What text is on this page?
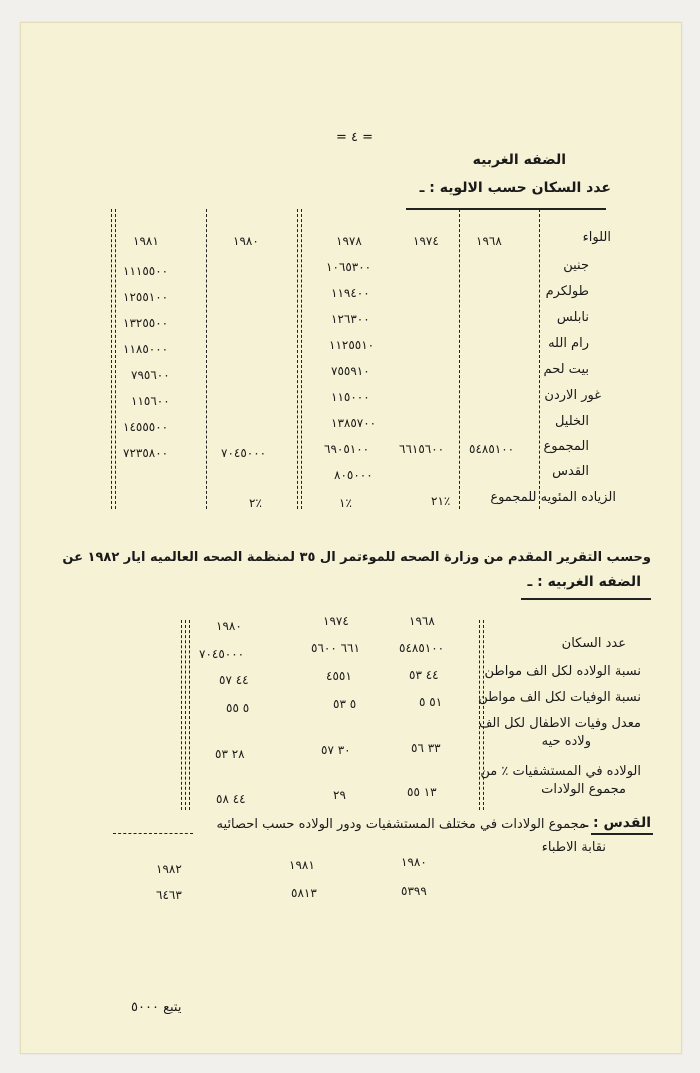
= ٤ =
الضفه الغربيه
عدد السكان حسب الالويه : ـ
اللواء
١٩٦٨
١٩٧٤
١٩٧٨
١٩٨٠
١٩٨١
جنين
١٠٦٥٣٠٠
١١١٥٥٠٠
طولكرم
١١٩٤٠٠
١٢٥٥١٠٠
نابلس
١٢٦٣٠٠
١٣٢٥٥٠٠
رام الله
١١٢٥٥١٠
١١٨٥٠٠٠
بيت لحم
٧٥٥٩١٠
٧٩٥٦٠٠
غور الاردن
١١٥٠٠٠
١١٥٦٠٠
الخليل
١٣٨٥٧٠٠
١٤٥٥٥٠٠
المجموع
٥٤٨٥١٠٠
٦٦١٥٦٠٠
٦٩٠٥١٠٠
٧٠٤٥٠٠٠
٧٢٣٥٨٠٠
القدس
٨٠٥٠٠٠
الزياده المئويه للمجموع
٢١٪
١٪
٢٪
وحسب التقرير المقدم من وزارة الصحه للموءتمر ال ٣٥ لمنظمة الصحه العالميه ايار ١٩٨٢ عن
الضفه الغربيه : ـ
١٩٦٨
١٩٧٤
١٩٨٠
عدد السكان
٥٤٨٥١٠٠
٦٦١ ٥٦٠٠
٧٠٤٥٠٠٠
نسبة الولاده لكل الف مواطن
٤٤ ٥٣
٤٥٥١
٤٤ ٥٧
نسبة الوفيات لكل الف مواطن
٥١ ٥
٥ ٥٣
٥ ٥٥
معدل وفيات الاطفال لكل الف
ولاده حيه
٣٣ ٥٦
٣٠ ٥٧
٢٨ ٥٣
الولاده في المستشفيات ٪ من
مجموع الولادات
١٣ ٥٥
٢٩
٤٤ ٥٨
القدس : ـ
مجموع الولادات في مختلف المستشفيات ودور الولاده حسب احصائيه
نقابة الاطباء
١٩٨٠
١٩٨١
١٩٨٢
٥٣٩٩
٥٨١٣
٦٤٦٣
يتبع ٥٠٠٠
